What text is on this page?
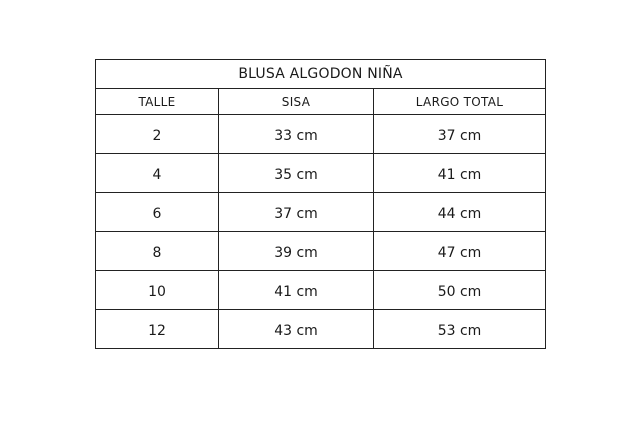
BLUSA ALGODON NIÑA		
TALLE	SISA	LARGO TOTAL
2	33 cm	37 cm
4	35 cm	41 cm
6	37 cm	44 cm
8	39 cm	47 cm
10	41 cm	50 cm
12	43 cm	53 cm
